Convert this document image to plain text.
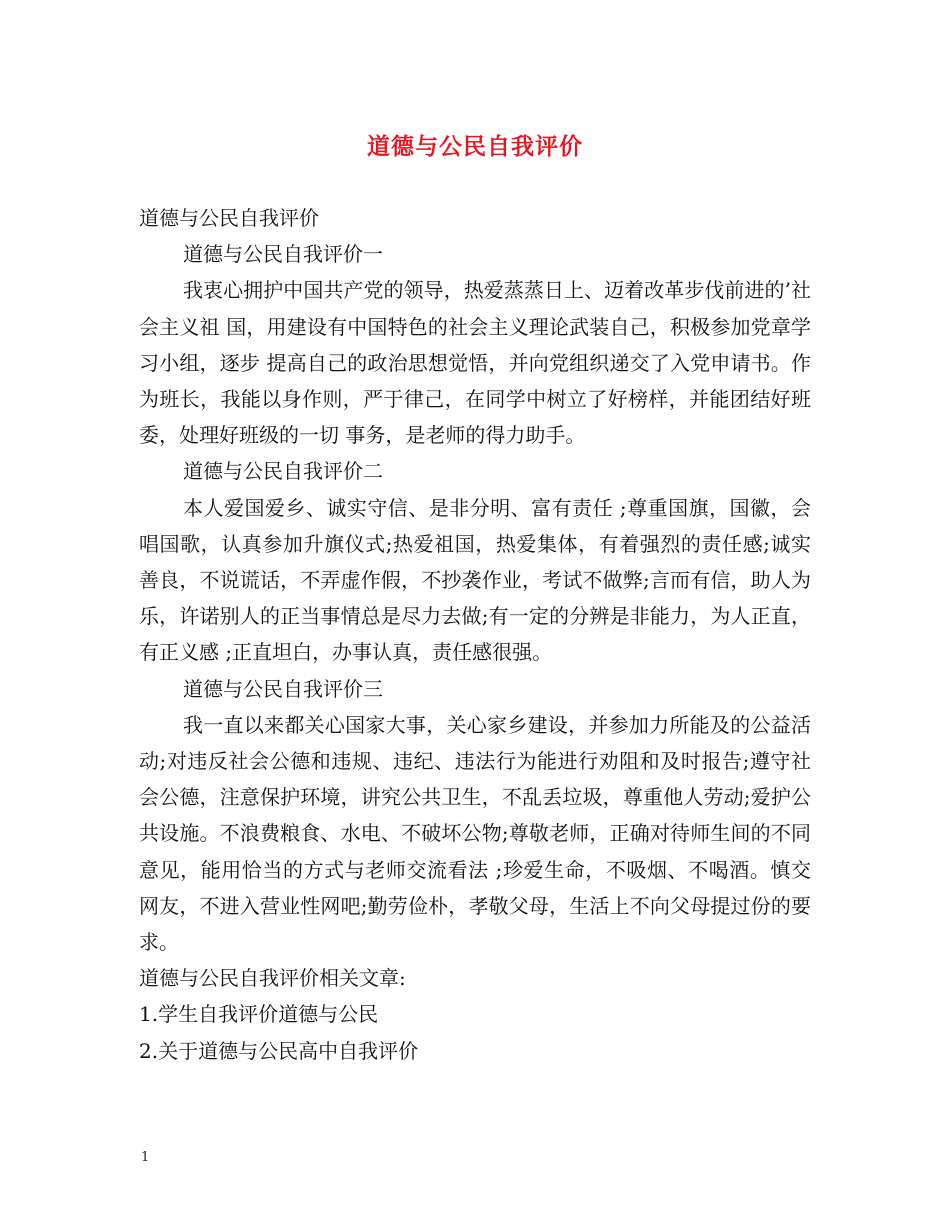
道德与公民自我评价

道德与公民自我评价

道德与公民自我评价一

我衷心拥护中国共产党的领导，热爱蒸蒸日上、迈着改革步伐前进的’社会主义祖 国，用建设有中国特色的社会主义理论武装自己，积极参加党章学习小组，逐步 提高自己的政治思想觉悟，并向党组织递交了入党申请书。作为班长，我能以身作则，严于律己，在同学中树立了好榜样，并能团结好班委，处理好班级的一切 事务，是老师的得力助手。

道德与公民自我评价二

本人爱国爱乡、诚实守信、是非分明、富有责任 ;尊重国旗，国徽，会唱国歌，认真参加升旗仪式;热爱祖国，热爱集体，有着强烈的责任感;诚实善良，不说谎话，不弄虚作假，不抄袭作业，考试不做弊;言而有信，助人为乐，许诺别人的正当事情总是尽力去做;有一定的分辨是非能力，为人正直，有正义感 ;正直坦白，办事认真，责任感很强。

道德与公民自我评价三

我一直以来都关心国家大事，关心家乡建设，并参加力所能及的公益活动;对违反社会公德和违规、违纪、违法行为能进行劝阻和及时报告;遵守社会公德，注意保护环境，讲究公共卫生，不乱丢垃圾，尊重他人劳动;爱护公共设施。不浪费粮食、水电、不破坏公物;尊敬老师，正确对待师生间的不同意见，能用恰当的方式与老师交流看法 ;珍爱生命，不吸烟、不喝酒。慎交网友，不进入营业性网吧;勤劳俭朴，孝敬父母，生活上不向父母提过份的要求。

道德与公民自我评价相关文章:

1.学生自我评价道德与公民

2.关于道德与公民高中自我评价

1
